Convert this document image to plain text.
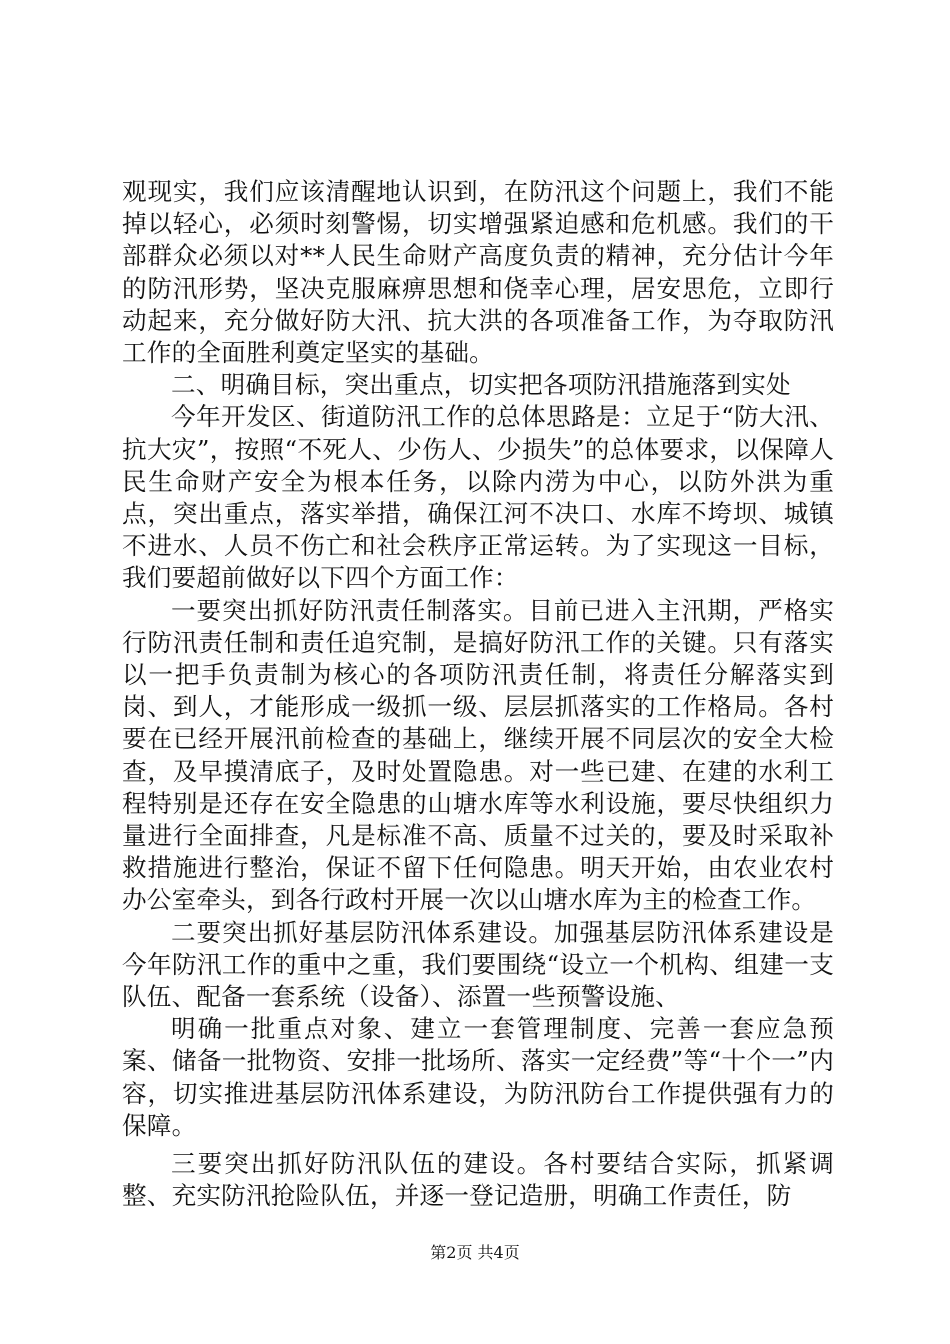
观现实，我们应该清醒地认识到，在防汛这个问题上，我们不能掉以轻心，必须时刻警惕，切实增强紧迫感和危机感。我们的干部群众必须以对**人民生命财产高度负责的精神，充分估计今年的防汛形势，坚决克服麻痹思想和侥幸心理，居安思危，立即行动起来，充分做好防大汛、抗大洪的各项准备工作，为夺取防汛工作的全面胜利奠定坚实的基础。

二、明确目标，突出重点，切实把各项防汛措施落到实处

今年开发区、街道防汛工作的总体思路是：立足于“防大汛、抗大灾”，按照“不死人、少伤人、少损失”的总体要求，以保障人民生命财产安全为根本任务，以除内涝为中心，以防外洪为重点，突出重点，落实举措，确保江河不决口、水库不垮坝、城镇不进水、人员不伤亡和社会秩序正常运转。为了实现这一目标，我们要超前做好以下四个方面工作：

一要突出抓好防汛责任制落实。目前已进入主汛期，严格实行防汛责任制和责任追究制，是搞好防汛工作的关键。只有落实以一把手负责制为核心的各项防汛责任制，将责任分解落实到岗、到人，才能形成一级抓一级、层层抓落实的工作格局。各村要在已经开展汛前检查的基础上，继续开展不同层次的安全大检查，及早摸清底子，及时处置隐患。对一些已建、在建的水利工程特别是还存在安全隐患的山塘水库等水利设施，要尽快组织力量进行全面排查，凡是标准不高、质量不过关的，要及时采取补救措施进行整治，保证不留下任何隐患。明天开始，由农业农村办公室牵头，到各行政村开展一次以山塘水库为主的检查工作。

二要突出抓好基层防汛体系建设。加强基层防汛体系建设是今年防汛工作的重中之重，我们要围绕“设立一个机构、组建一支队伍、配备一套系统（设备）、添置一些预警设施、

明确一批重点对象、建立一套管理制度、完善一套应急预案、储备一批物资、安排一批场所、落实一定经费”等“十个一”内容，切实推进基层防汛体系建设，为防汛防台工作提供强有力的保障。

三要突出抓好防汛队伍的建设。各村要结合实际，抓紧调整、充实防汛抢险队伍，并逐一登记造册，明确工作责任，防

第2页 共4页
